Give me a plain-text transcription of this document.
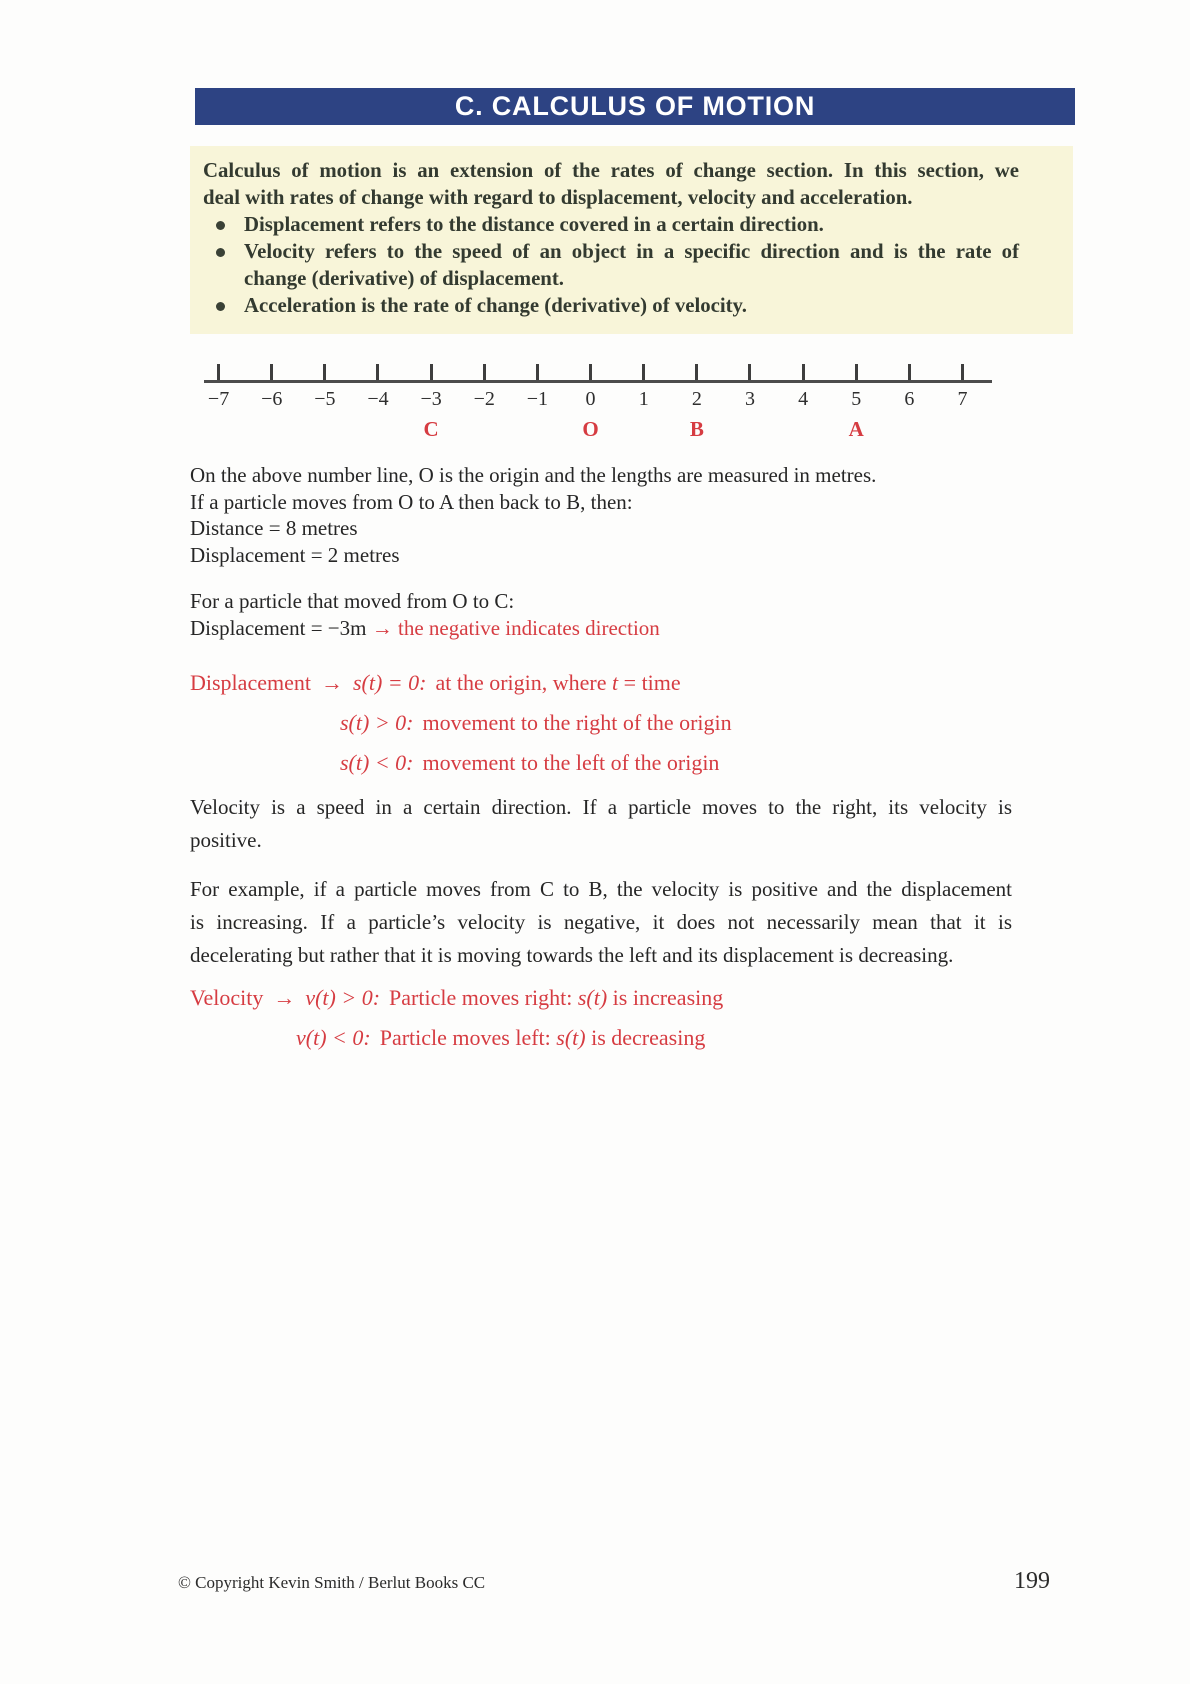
C. CALCULUS OF MOTION
Calculus of motion is an extension of the rates of change section. In this section, we
deal with rates of change with regard to displacement, velocity and acceleration.
Displacement refers to the distance covered in a certain direction.
Velocity refers to the speed of an object in a specific direction and is the rate of
change (derivative) of displacement.
Acceleration is the rate of change (derivative) of velocity.
−7 −6 −5 −4 −3 −2 −1 0 1 2 3 4 5 6 7
C	O	B	A
On the above number line, O is the origin and the lengths are measured in metres.
If a particle moves from O to A then back to B, then:
Distance = 8 metres
Displacement = 2 metres
For a particle that moved from O to C:
Displacement = −3m → the negative indicates direction
Displacement → s(t) = 0: at the origin, where t = time
s(t) > 0: movement to the right of the origin
s(t) < 0: movement to the left of the origin
Velocity is a speed in a certain direction. If a particle moves to the right, its velocity is
positive.
For example, if a particle moves from C to B, the velocity is positive and the displacement
is increasing. If a particle’s velocity is negative, it does not necessarily mean that it is
decelerating but rather that it is moving towards the left and its displacement is decreasing.
Velocity → v(t) > 0: Particle moves right: s(t) is increasing
v(t) < 0: Particle moves left: s(t) is decreasing
© Copyright Kevin Smith / Berlut Books CC	199
